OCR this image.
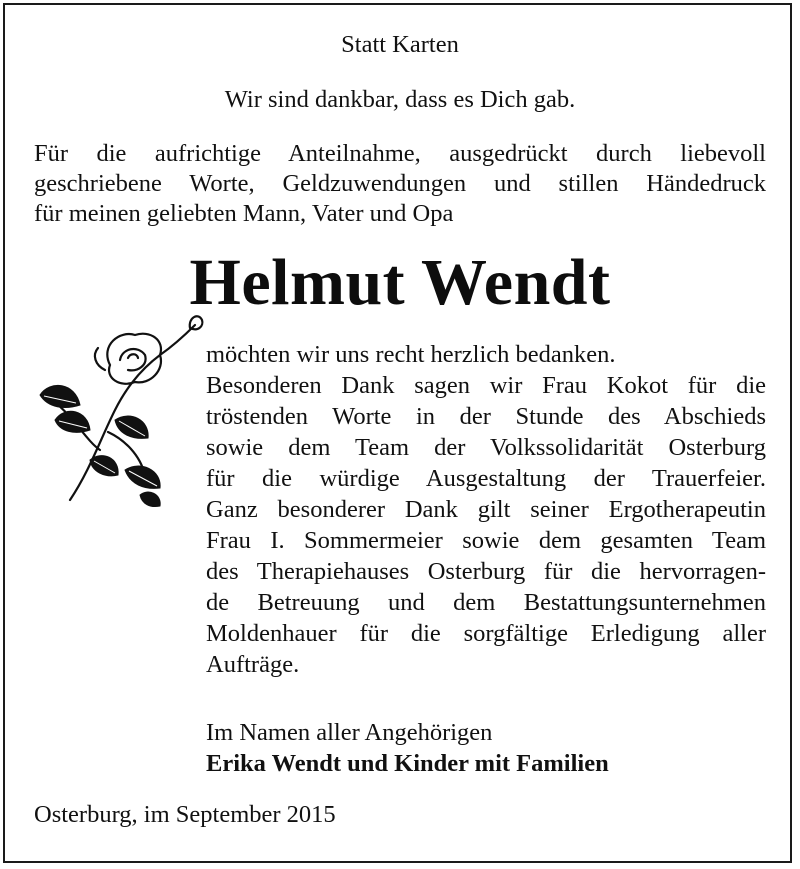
Statt Karten
Wir sind dankbar, dass es Dich gab.
Für die aufrichtige Anteilnahme, ausgedrückt durch liebevoll
geschriebene Worte, Geldzuwendungen und stillen Händedruck
für meinen geliebten Mann, Vater und Opa
Helmut Wendt
möchten wir uns recht herzlich bedanken.
Besonderen Dank sagen wir Frau Kokot für die
tröstenden Worte in der Stunde des Abschieds
sowie dem Team der Volkssolidarität Osterburg
für die würdige Ausgestaltung der Trauerfeier.
Ganz besonderer Dank gilt seiner Ergotherapeutin
Frau I. Sommermeier sowie dem gesamten Team
des Therapiehauses Osterburg für die hervorragen-
de Betreuung und dem Bestattungsunternehmen
Moldenhauer für die sorgfältige Erledigung aller
Aufträge.
Im Namen aller Angehörigen
Erika Wendt und Kinder mit Familien
Osterburg, im September 2015
